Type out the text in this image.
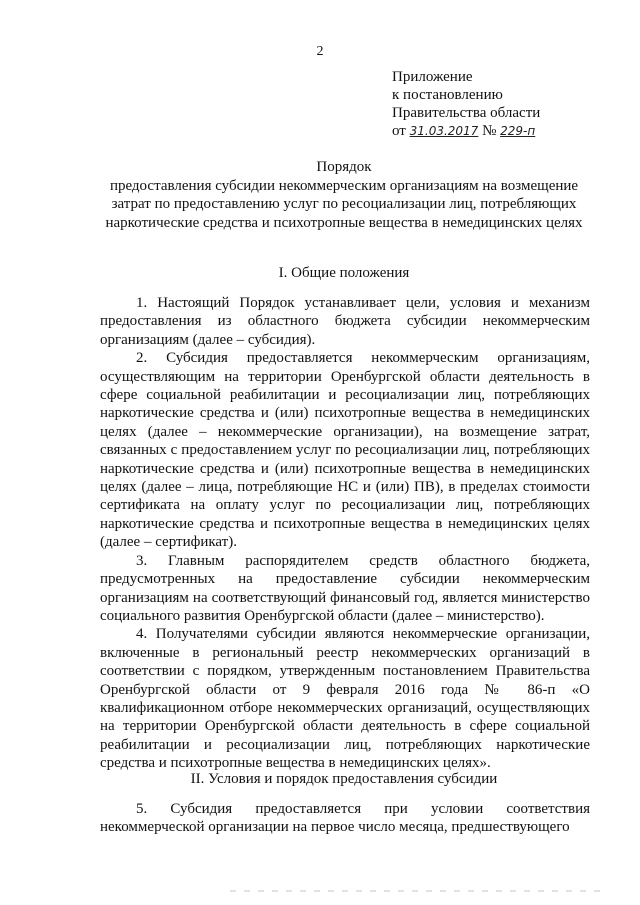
2
Приложение
к постановлению
Правительства области
от 31.03.2017 № 229-п
Порядок
предоставления субсидии некоммерческим организациям на возмещение затрат по предоставлению услуг по ресоциализации лиц, потребляющих наркотические средства и психотропные вещества в немедицинских целях
I. Общие положения

1. Настоящий Порядок устанавливает цели, условия и механизм предоставления из областного бюджета субсидии некоммерческим организациям (далее – субсидия).

2. Субсидия предоставляется некоммерческим организациям, осуществляющим на территории Оренбургской области деятельность в сфере социальной реабилитации и ресоциализации лиц, потребляющих наркотические средства и (или) психотропные вещества в немедицинских целях (далее – некоммерческие организации), на возмещение затрат, связанных с предоставлением услуг по ресоциализации лиц, потребляющих наркотические средства и (или) психотропные вещества в немедицинских целях (далее – лица, потребляющие НС и (или) ПВ), в пределах стоимости сертификата на оплату услуг по ресоциализации лиц, потребляющих наркотические средства и психотропные вещества в немедицинских целях (далее – сертификат).

3. Главным распорядителем средств областного бюджета, предусмотренных на предоставление субсидии некоммерческим организациям на соответствующий финансовый год, является министерство социального развития Оренбургской области (далее – министерство).

4. Получателями субсидии являются некоммерческие организации, включенные в региональный реестр некоммерческих организаций в соответствии с порядком, утвержденным постановлением Правительства Оренбургской области от 9 февраля 2016 года № 86-п «О квалификационном отборе некоммерческих организаций, осуществляющих на территории Оренбургской области деятельность в сфере социальной реабилитации и ресоциализации лиц, потребляющих наркотические средства и психотропные вещества в немедицинских целях».

II. Условия и порядок предоставления субсидии

5. Субсидия предоставляется при условии соответствия некоммерческой организации на первое число месяца, предшествующего
